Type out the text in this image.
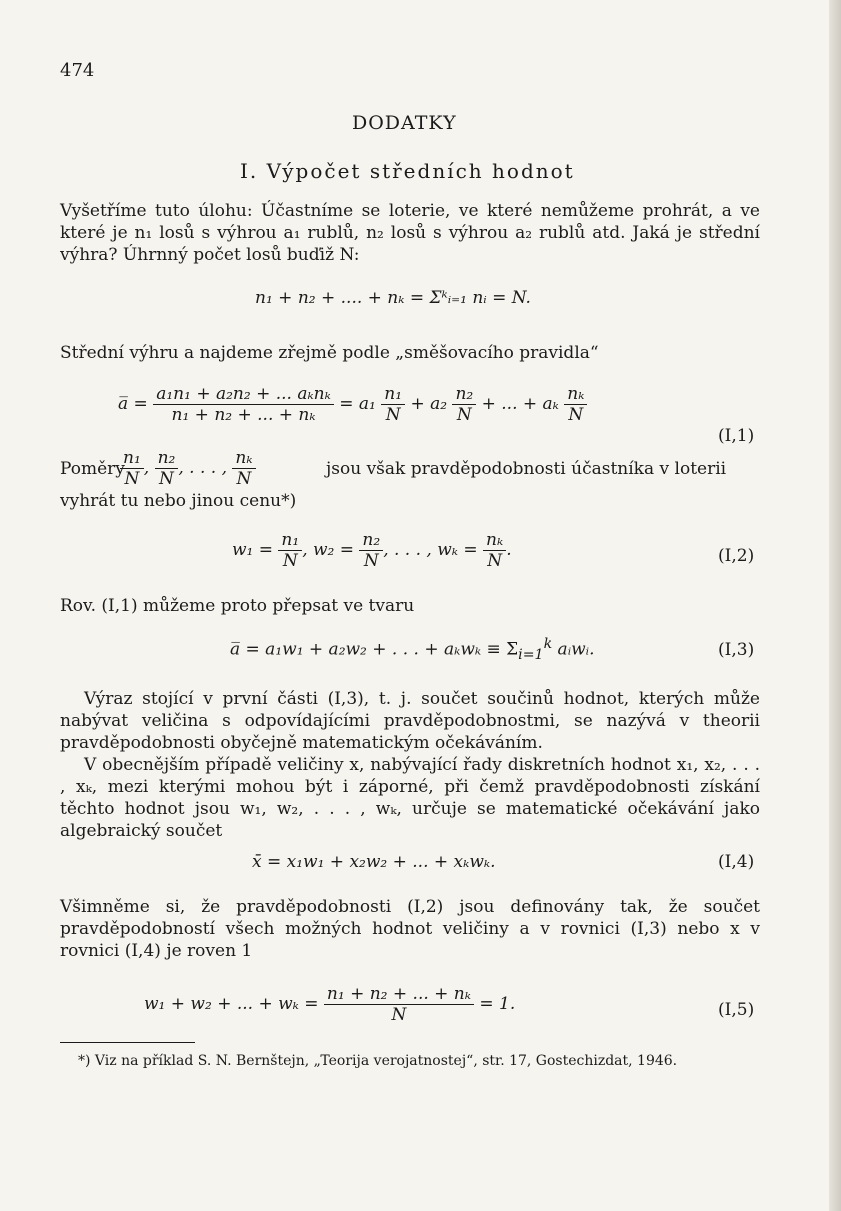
474
DODATKY
I. Výpočet středních hodnot
Vyšetříme tuto úlohu: Účastníme se loterie, ve které nemůžeme prohrát, a ve které je n₁ losů s výhrou a₁ rublů, n₂ losů s výhrou a₂ rublů atd. Jaká je střední výhra? Úhrnný počet losů buďiž N:
n₁ + n₂ + .... + nₖ = Σᵏᵢ₌₁ nᵢ = N.
Střední výhru a najdeme zřejmě podle „směšovacího pravidla“
a̅ = $\frac{\text{a₁n₁ + a₂n₂ + ... aₖnₖ}}{\text{n₁ + n₂ + ... + nₖ}} = a_1 \frac{\text{n₁}}{N} + a_2 \frac{\text{n₂}}{N}$ + ... + aₖ $\frac{\text{nₖ}}{N}$
(I,1)
Poměry
$\frac{\text{n₁}}{N}$ , $\frac{\text{n₂}}{N}$ , . . . , $\frac{\text{nₖ}}{N}$	jsou však pravděpodobnosti účastníka v loterii
vyhrát tu nebo jinou cenu*)
$w_1 = \frac{\text{n₁}}{N}$ , $w_2 = \frac{\text{n₂}}{N}$ , . . . , $w_k = \frac{\text{nₖ}}{N}$ .	(I,2)
Rov. (I,1) můžeme proto přepsat ve tvaru
a̅ = a₁w₁ + a₂w₂ + . . . + $a_kw_k \equiv \Sigma_{i=1}^k$ aᵢwᵢ.	(I,3)
Výraz stojící v první části (I,3), t. j. součet součinů hodnot, kterých může nabývat veličina s odpovídajícími pravděpodobnostmi, se nazývá v theorii pravděpodobnosti obyčejně matematickým očekáváním.
V obecnějším případě veličiny x, nabývající řady diskretních hodnot x₁, x₂, . . . , xₖ, mezi kterými mohou být i záporné, při čemž pravděpodobnosti získání těchto hodnot jsou w₁, w₂, . . . , wₖ, určuje se matematické očekávání jako algebraický součet
x̄ = x₁w₁ + x₂w₂ + ... + xₖwₖ.	(I,4)
Všimněme si, že pravděpodobnosti (I,2) jsou definovány tak, že součet pravděpodobností všech možných hodnot veličiny a v rovnici (I,3) nebo x v rovnici (I,4) je roven 1
w₁ + w₂ + ... + $w_k = \frac{\text{n₁ + n₂ + ... + nₖ}}{N} = 1$.	(I,5)
*) Viz na příklad S. N. Bernštejn, „Teorija verojatnostej“, str. 17, Gostechizdat, 1946.
